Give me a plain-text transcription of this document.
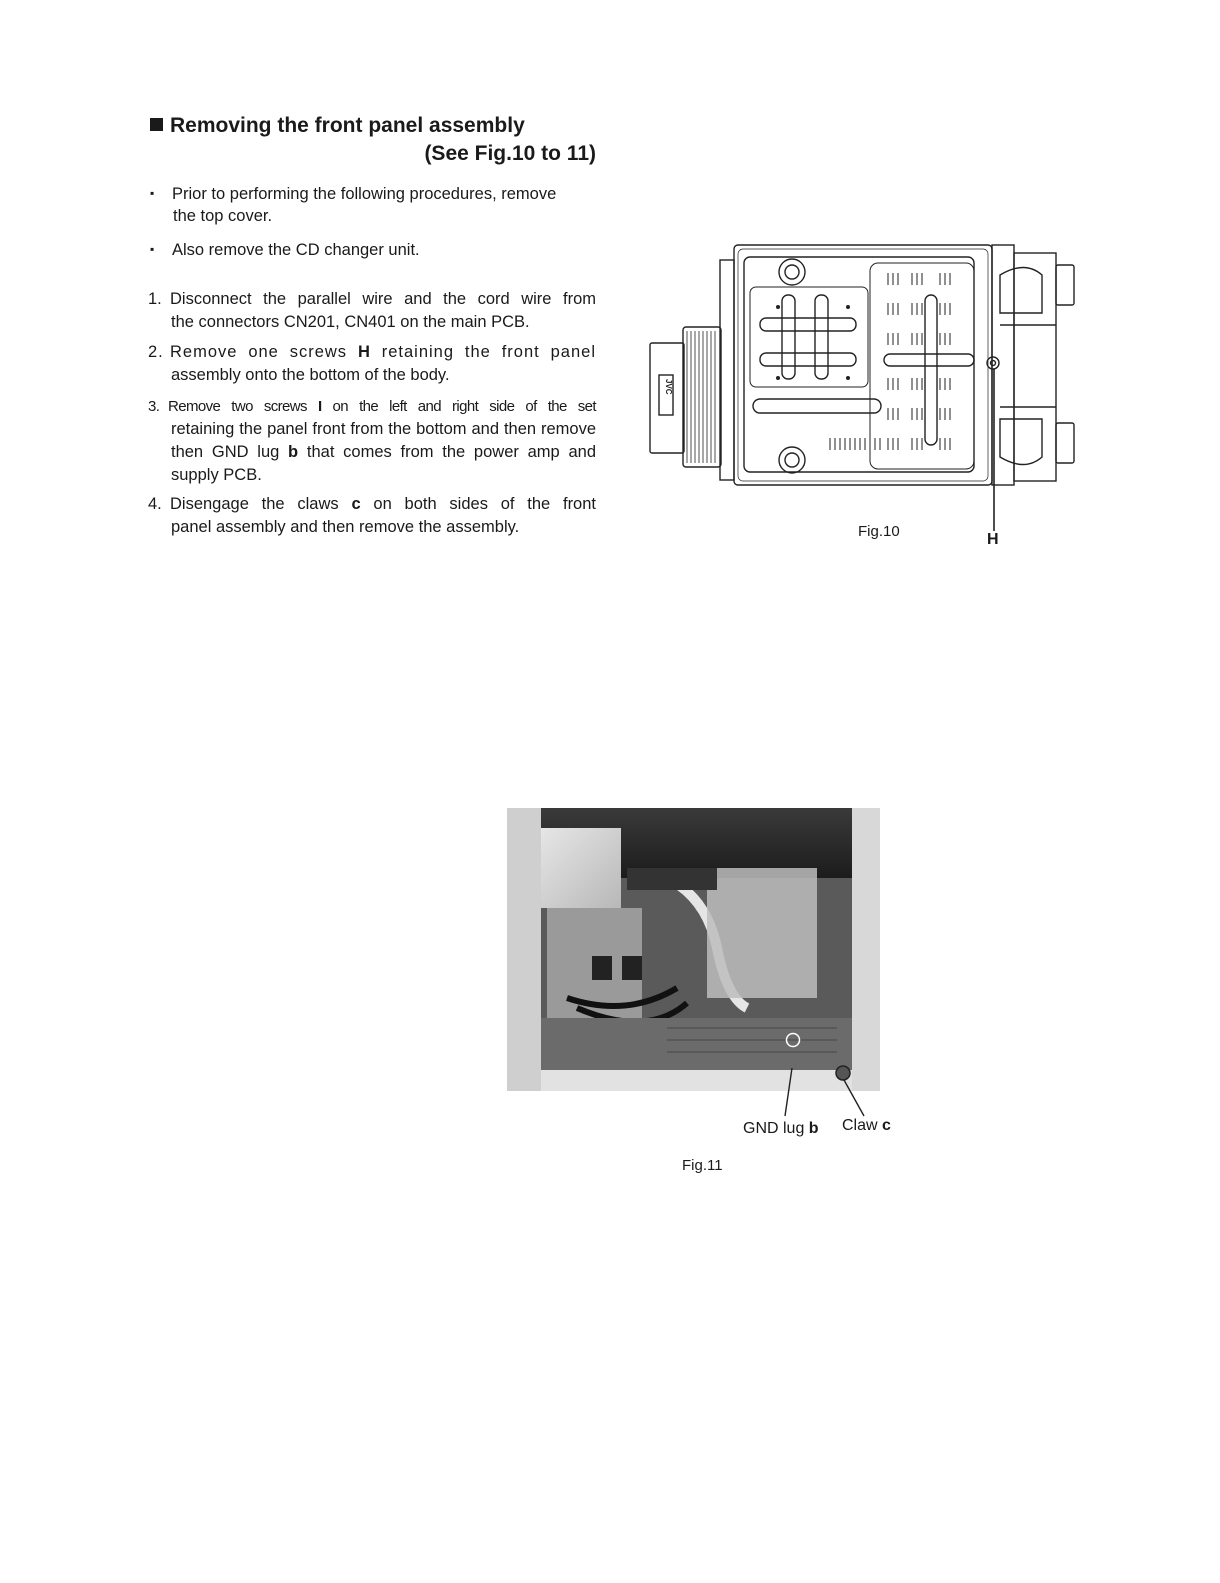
Removing the front panel assembly
(See Fig.10 to 11)
▪ Prior to performing the following procedures, remove
the top cover.
▪ Also remove the CD changer unit.
1. Disconnect the parallel wire and the cord wire from
the connectors CN201, CN401 on the main PCB.
2. Remove one screws H retaining the front panel
assembly onto the bottom of the body.
3. Remove two screws I on the left and right side of the set
retaining the panel front from the bottom and then remove then GND lug b that comes from the power amp and supply PCB.
4. Disengage the claws c on both sides of the front
panel assembly and then remove the assembly.
JVC
Fig.10	H
GND lug b Claw c
Fig.11
